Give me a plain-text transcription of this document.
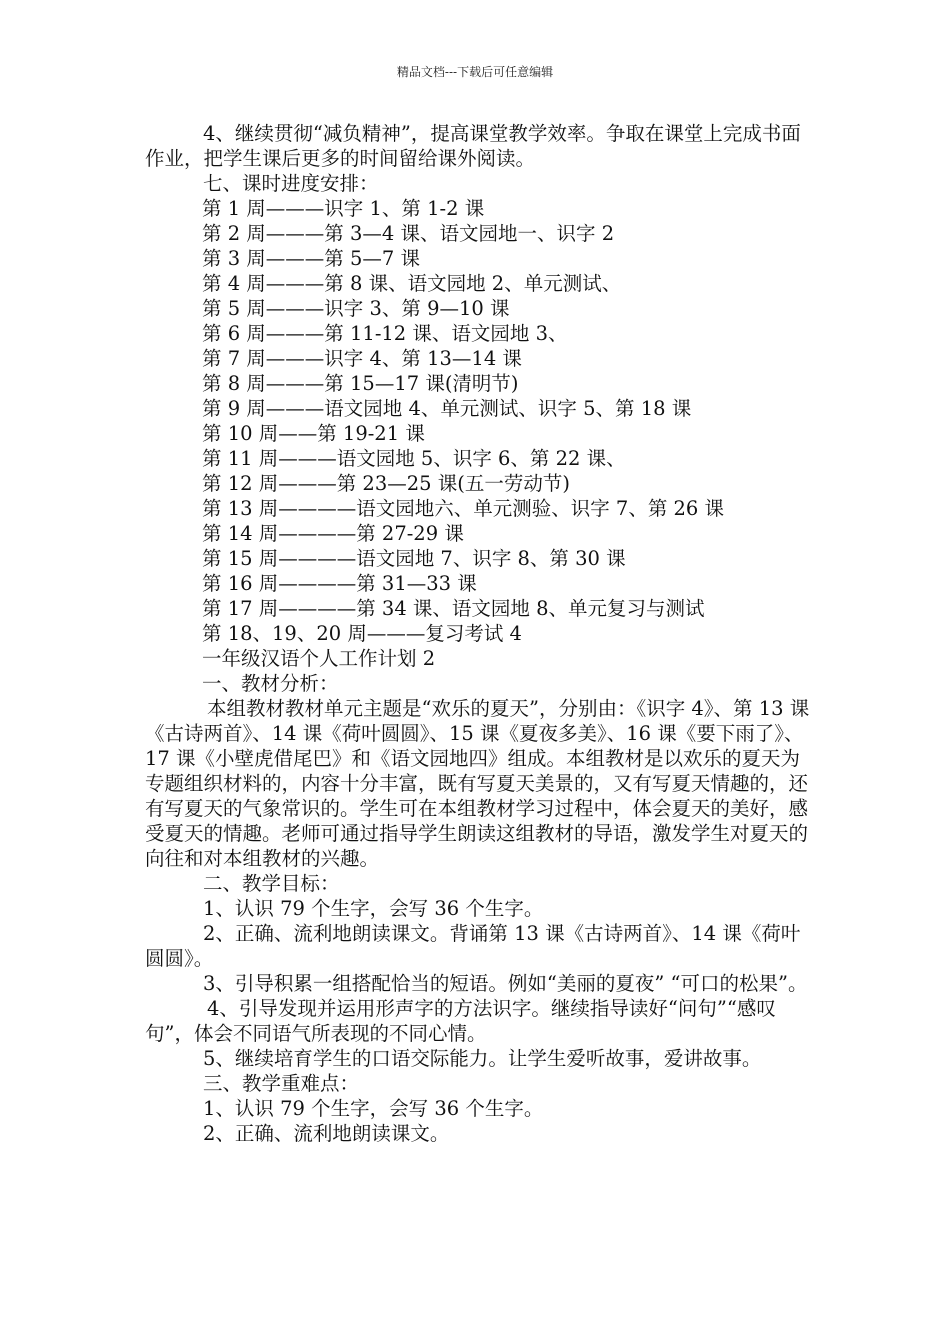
精品文档---下载后可任意编辑

4、继续贯彻“减负精神”，提高课堂教学效率。争取在课堂上完成书面作业，把学生课后更多的时间留给课外阅读。

七、课时进度安排：

第 1 周———识字 1、第 1-2 课

第 2 周———第 3—4 课、语文园地一、识字 2

第 3 周———第 5—7 课

第 4 周———第 8 课、语文园地 2、单元测试、

第 5 周———识字 3、第 9—10 课

第 6 周———第 11-12 课、语文园地 3、

第 7 周———识字 4、第 13—14 课

第 8 周———第 15—17 课(清明节)

第 9 周———语文园地 4、单元测试、识字 5、第 18 课

第 10 周——第 19-21 课

第 11 周———语文园地 5、识字 6、第 22 课、

第 12 周———第 23—25 课(五一劳动节)

第 13 周————语文园地六、单元测验、识字 7、第 26 课

第 14 周————第 27-29 课

第 15 周————语文园地 7、识字 8、第 30 课

第 16 周————第 31—33 课

第 17 周————第 34 课、语文园地 8、单元复习与测试

第 18、19、20 周———复习考试 4

一年级汉语个人工作计划 2

一、教材分析：

本组教材教材单元主题是“欢乐的夏天”，分别由：《识字 4》、第 13 课《古诗两首》、14 课《荷叶圆圆》、15 课《夏夜多美》、16 课《要下雨了》、17 课《小壁虎借尾巴》和《语文园地四》组成。本组教材是以欢乐的夏天为专题组织材料的，内容十分丰富，既有写夏天美景的，又有写夏天情趣的，还有写夏天的气象常识的。学生可在本组教材学习过程中，体会夏天的美好，感受夏天的情趣。老师可通过指导学生朗读这组教材的导语，激发学生对夏天的向往和对本组教材的兴趣。

二、教学目标：

1、认识 79 个生字，会写 36 个生字。

2、正确、流利地朗读课文。背诵第 13 课《古诗两首》、14 课《荷叶圆圆》。

3、引导积累一组搭配恰当的短语。例如“美丽的夏夜” “可口的松果”。

4、引导发现并运用形声字的方法识字。继续指导读好“问句”“感叹句”，体会不同语气所表现的不同心情。

5、继续培育学生的口语交际能力。让学生爱听故事，爱讲故事。

三、教学重难点：

1、认识 79 个生字，会写 36 个生字。

2、正确、流利地朗读课文。
